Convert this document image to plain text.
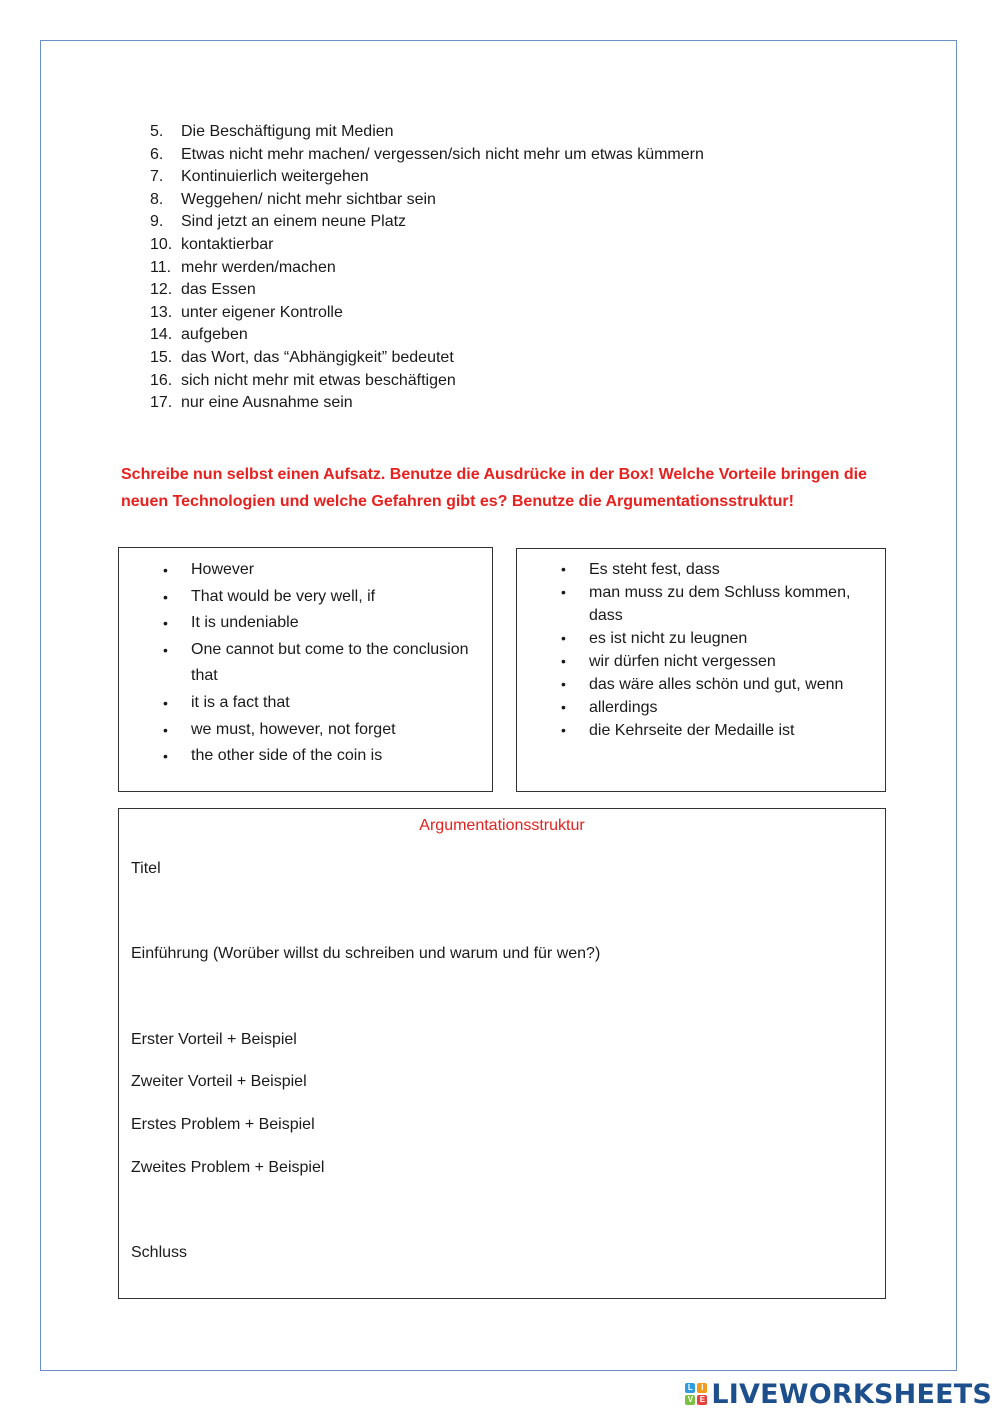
5.	Die Beschäftigung mit Medien
6.	Etwas nicht mehr machen/ vergessen/sich nicht mehr um etwas kümmern
7.	Kontinuierlich weitergehen
8.	Weggehen/ nicht mehr sichtbar sein
9.	Sind jetzt an einem neune Platz
10. kontaktierbar
11. mehr werden/machen
12. das Essen
13. unter eigener Kontrolle
14. aufgeben
15. das Wort, das “Abhängigkeit” bedeutet
16. sich nicht mehr mit etwas beschäftigen
17. nur eine Ausnahme sein

Schreibe nun selbst einen Aufsatz. Benutze die Ausdrücke in der Box! Welche Vorteile bringen die neuen Technologien und welche Gefahren gibt es? Benutze die Argumentationsstruktur!

• However
• That would be very well, if
• It is undeniable
• One cannot but come to the conclusion that
• it is a fact that
• we must, however, not forget
• the other side of the coin is
• Es steht fest, dass
• man muss zu dem Schluss kommen, dass
• es ist nicht zu leugnen
• wir dürfen nicht vergessen
• das wäre alles schön und gut, wenn
• allerdings
• die Kehrseite der Medaille ist
Argumentationsstruktur
Titel
Einführung (Worüber willst du schreiben und warum und für wen?)
Erster Vorteil + Beispiel
Zweiter Vorteil + Beispiel
Erstes Problem + Beispiel
Zweites Problem + Beispiel
Schluss
L	I
V E LIVEWORKSHEETS
